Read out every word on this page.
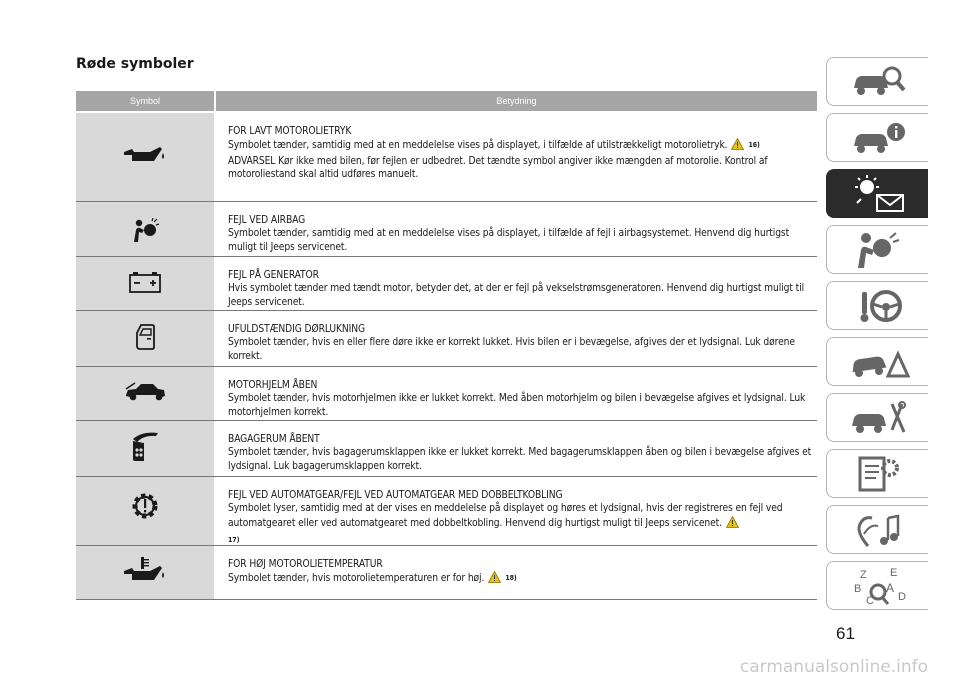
Røde symboler
Symbol	Betydning
FOR LAVT MOTOROLIETRYK
Symbolet tænder, samtidig med at en meddelelse vises på displayet, i tilfælde af utilstrækkeligt motorolietryk.	16)
ADVARSEL Kør ikke med bilen, før fejlen er udbedret. Det tændte symbol angiver ikke mængden af motorolie. Kontrol af motoroliestand skal altid udføres manuelt.
FEJL VED AIRBAG
Symbolet tænder, samtidig med at en meddelelse vises på displayet, i tilfælde af fejl i airbagsystemet. Henvend dig hurtigst muligt til Jeeps servicenet.
FEJL PÅ GENERATOR
Hvis symbolet tænder med tændt motor, betyder det, at der er fejl på vekselstrømsgeneratoren. Henvend dig hurtigst muligt til Jeeps servicenet.
UFULDSTÆNDIG DØRLUKNING
Symbolet tænder, hvis en eller flere døre ikke er korrekt lukket. Hvis bilen er i bevægelse, afgives der et lydsignal. Luk dørene korrekt.
MOTORHJELM ÅBEN
Symbolet tænder, hvis motorhjelmen ikke er lukket korrekt. Med åben motorhjelm og bilen i bevægelse afgives et lydsignal. Luk motorhjelmen korrekt.
BAGAGERUM ÅBENT
Symbolet tænder, hvis bagagerumsklappen ikke er lukket korrekt. Med bagagerumsklappen åben og bilen i bevægelse afgives et lydsignal. Luk bagagerumsklappen korrekt.
FEJL VED AUTOMATGEAR/FEJL VED AUTOMATGEAR MED DOBBELTKOBLING
Symbolet lyser, samtidig med at der vises en meddelelse på displayet og høres et lydsignal, hvis der registreres en fejl ved automatgearet eller ved automatgearet med dobbeltkobling. Henvend dig hurtigst muligt til Jeeps servicenet.
17)
FOR HØJ MOTOROLIETEMPERATUR
Symbolet tænder, hvis motorolietemperaturen er for høj.	18)	Z E
B A
D
C
61
carmanualsonline.info
